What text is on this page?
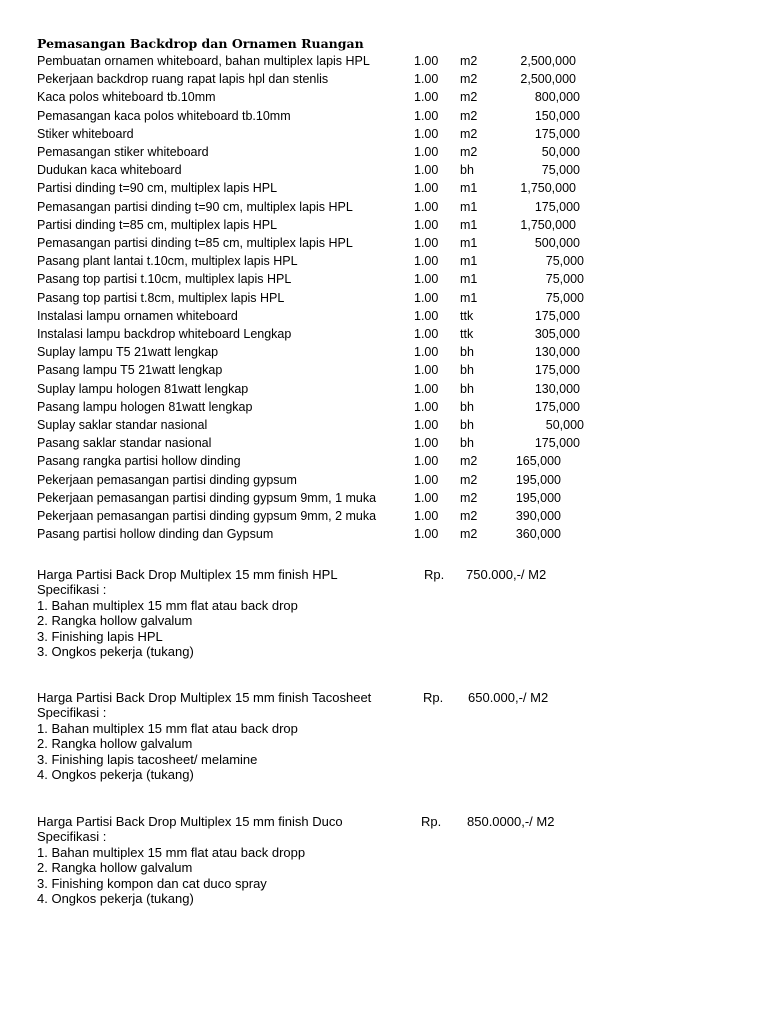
Pemasangan Backdrop dan Ornamen Ruangan
Pembuatan ornamen whiteboard, bahan multiplex lapis HPL	1.00 m2	2,500,000
Pekerjaan backdrop ruang rapat lapis hpl dan stenlis	1.00 m2	2,500,000
Kaca polos whiteboard tb.10mm	1.00 m2	800,000
Pemasangan kaca polos whiteboard tb.10mm	1.00 m2	150,000
Stiker whiteboard	1.00 m2	175,000
Pemasangan stiker whiteboard	1.00 m2	50,000
Dudukan kaca whiteboard	1.00 bh	75,000
Partisi dinding t=90 cm, multiplex lapis HPL	1.00 m1	1,750,000
Pemasangan partisi dinding t=90 cm, multiplex lapis HPL	1.00 m1	175,000
Partisi dinding t=85 cm, multiplex lapis HPL	1.00 m1	1,750,000
Pemasangan partisi dinding t=85 cm, multiplex lapis HPL	1.00 m1	500,000
Pasang plant lantai t.10cm, multiplex lapis HPL	1.00 m1	75,000
Pasang top partisi t.10cm, multiplex lapis HPL	1.00 m1	75,000
Pasang top partisi t.8cm, multiplex lapis HPL	1.00 m1	75,000
Instalasi lampu ornamen whiteboard	1.00 ttk	175,000
Instalasi lampu backdrop whiteboard Lengkap	1.00 ttk	305,000
Suplay lampu T5 21watt lengkap	1.00 bh	130,000
Pasang lampu T5 21watt lengkap	1.00 bh	175,000
Suplay lampu hologen 81watt lengkap	1.00 bh	130,000
Pasang lampu hologen 81watt lengkap	1.00 bh	175,000
Suplay saklar standar nasional	1.00 bh	50,000
Pasang saklar standar nasional	1.00 bh	175,000
Pasang rangka partisi hollow dinding	1.00 m2	165,000
Pekerjaan pemasangan partisi dinding gypsum	1.00 m2	195,000
Pekerjaan pemasangan partisi dinding gypsum 9mm, 1 muka	1.00 m2	195,000
Pekerjaan pemasangan partisi dinding gypsum 9mm, 2 muka	1.00 m2	390,000
Pasang partisi hollow dinding dan Gypsum	1.00 m2	360,000
Harga Partisi Back Drop Multiplex 15 mm finish HPL	Rp. 750.000,-/ M2
Specifikasi :
1. Bahan multiplex 15 mm flat atau back drop
2. Rangka hollow galvalum
3. Finishing lapis HPL
3. Ongkos pekerja (tukang)
Harga Partisi Back Drop Multiplex 15 mm finish Tacosheet	Rp. 650.000,-/ M2
Specifikasi :
1. Bahan multiplex 15 mm flat atau back drop
2. Rangka hollow galvalum
3. Finishing lapis tacosheet/ melamine
4. Ongkos pekerja (tukang)
Harga Partisi Back Drop Multiplex 15 mm finish Duco	Rp. 850.0000,-/ M2
Specifikasi :
1. Bahan multiplex 15 mm flat atau back dropp
2. Rangka hollow galvalum
3. Finishing kompon dan cat duco spray
4. Ongkos pekerja (tukang)
